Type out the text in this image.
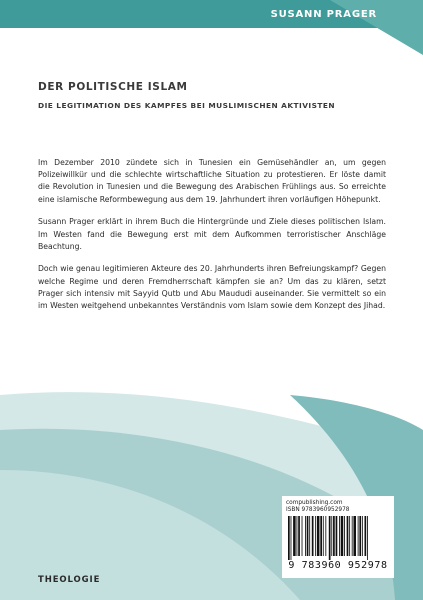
SUSANN PRAGER
DER POLITISCHE ISLAM
DIE LEGITIMATION DES KAMPFES BEI MUSLIMISCHEN AKTIVISTEN

Im Dezember 2010 zündete sich in Tunesien ein Gemüsehändler an, um gegen Polizeiwillkür und die schlechte wirtschaftliche Situation zu protestieren. Er löste damit die Revolution in Tunesien und die Bewegung des Arabischen Frühlings aus. So erreichte eine islamische Reformbewegung aus dem 19. Jahrhundert ihren vorläufigen Höhepunkt.

Susann Prager erklärt in ihrem Buch die Hintergründe und Ziele dieses politischen Islam. Im Westen fand die Bewegung erst mit dem Aufkommen terroristischer Anschläge Beachtung.

Doch wie genau legitimieren Akteure des 20. Jahrhunderts ihren Befreiungskampf? Gegen welche Regime und deren Fremdherrschaft kämpfen sie an? Um das zu klären, setzt Prager sich intensiv mit Sayyid Qutb und Abu Maududi auseinander. Sie vermittelt so ein im Westen weitgehend unbekanntes Verständnis vom Islam sowie dem Konzept des Jihad.

compublishing.com
ISBN 9783960952978
9 783960 952978
THEOLOGIE
